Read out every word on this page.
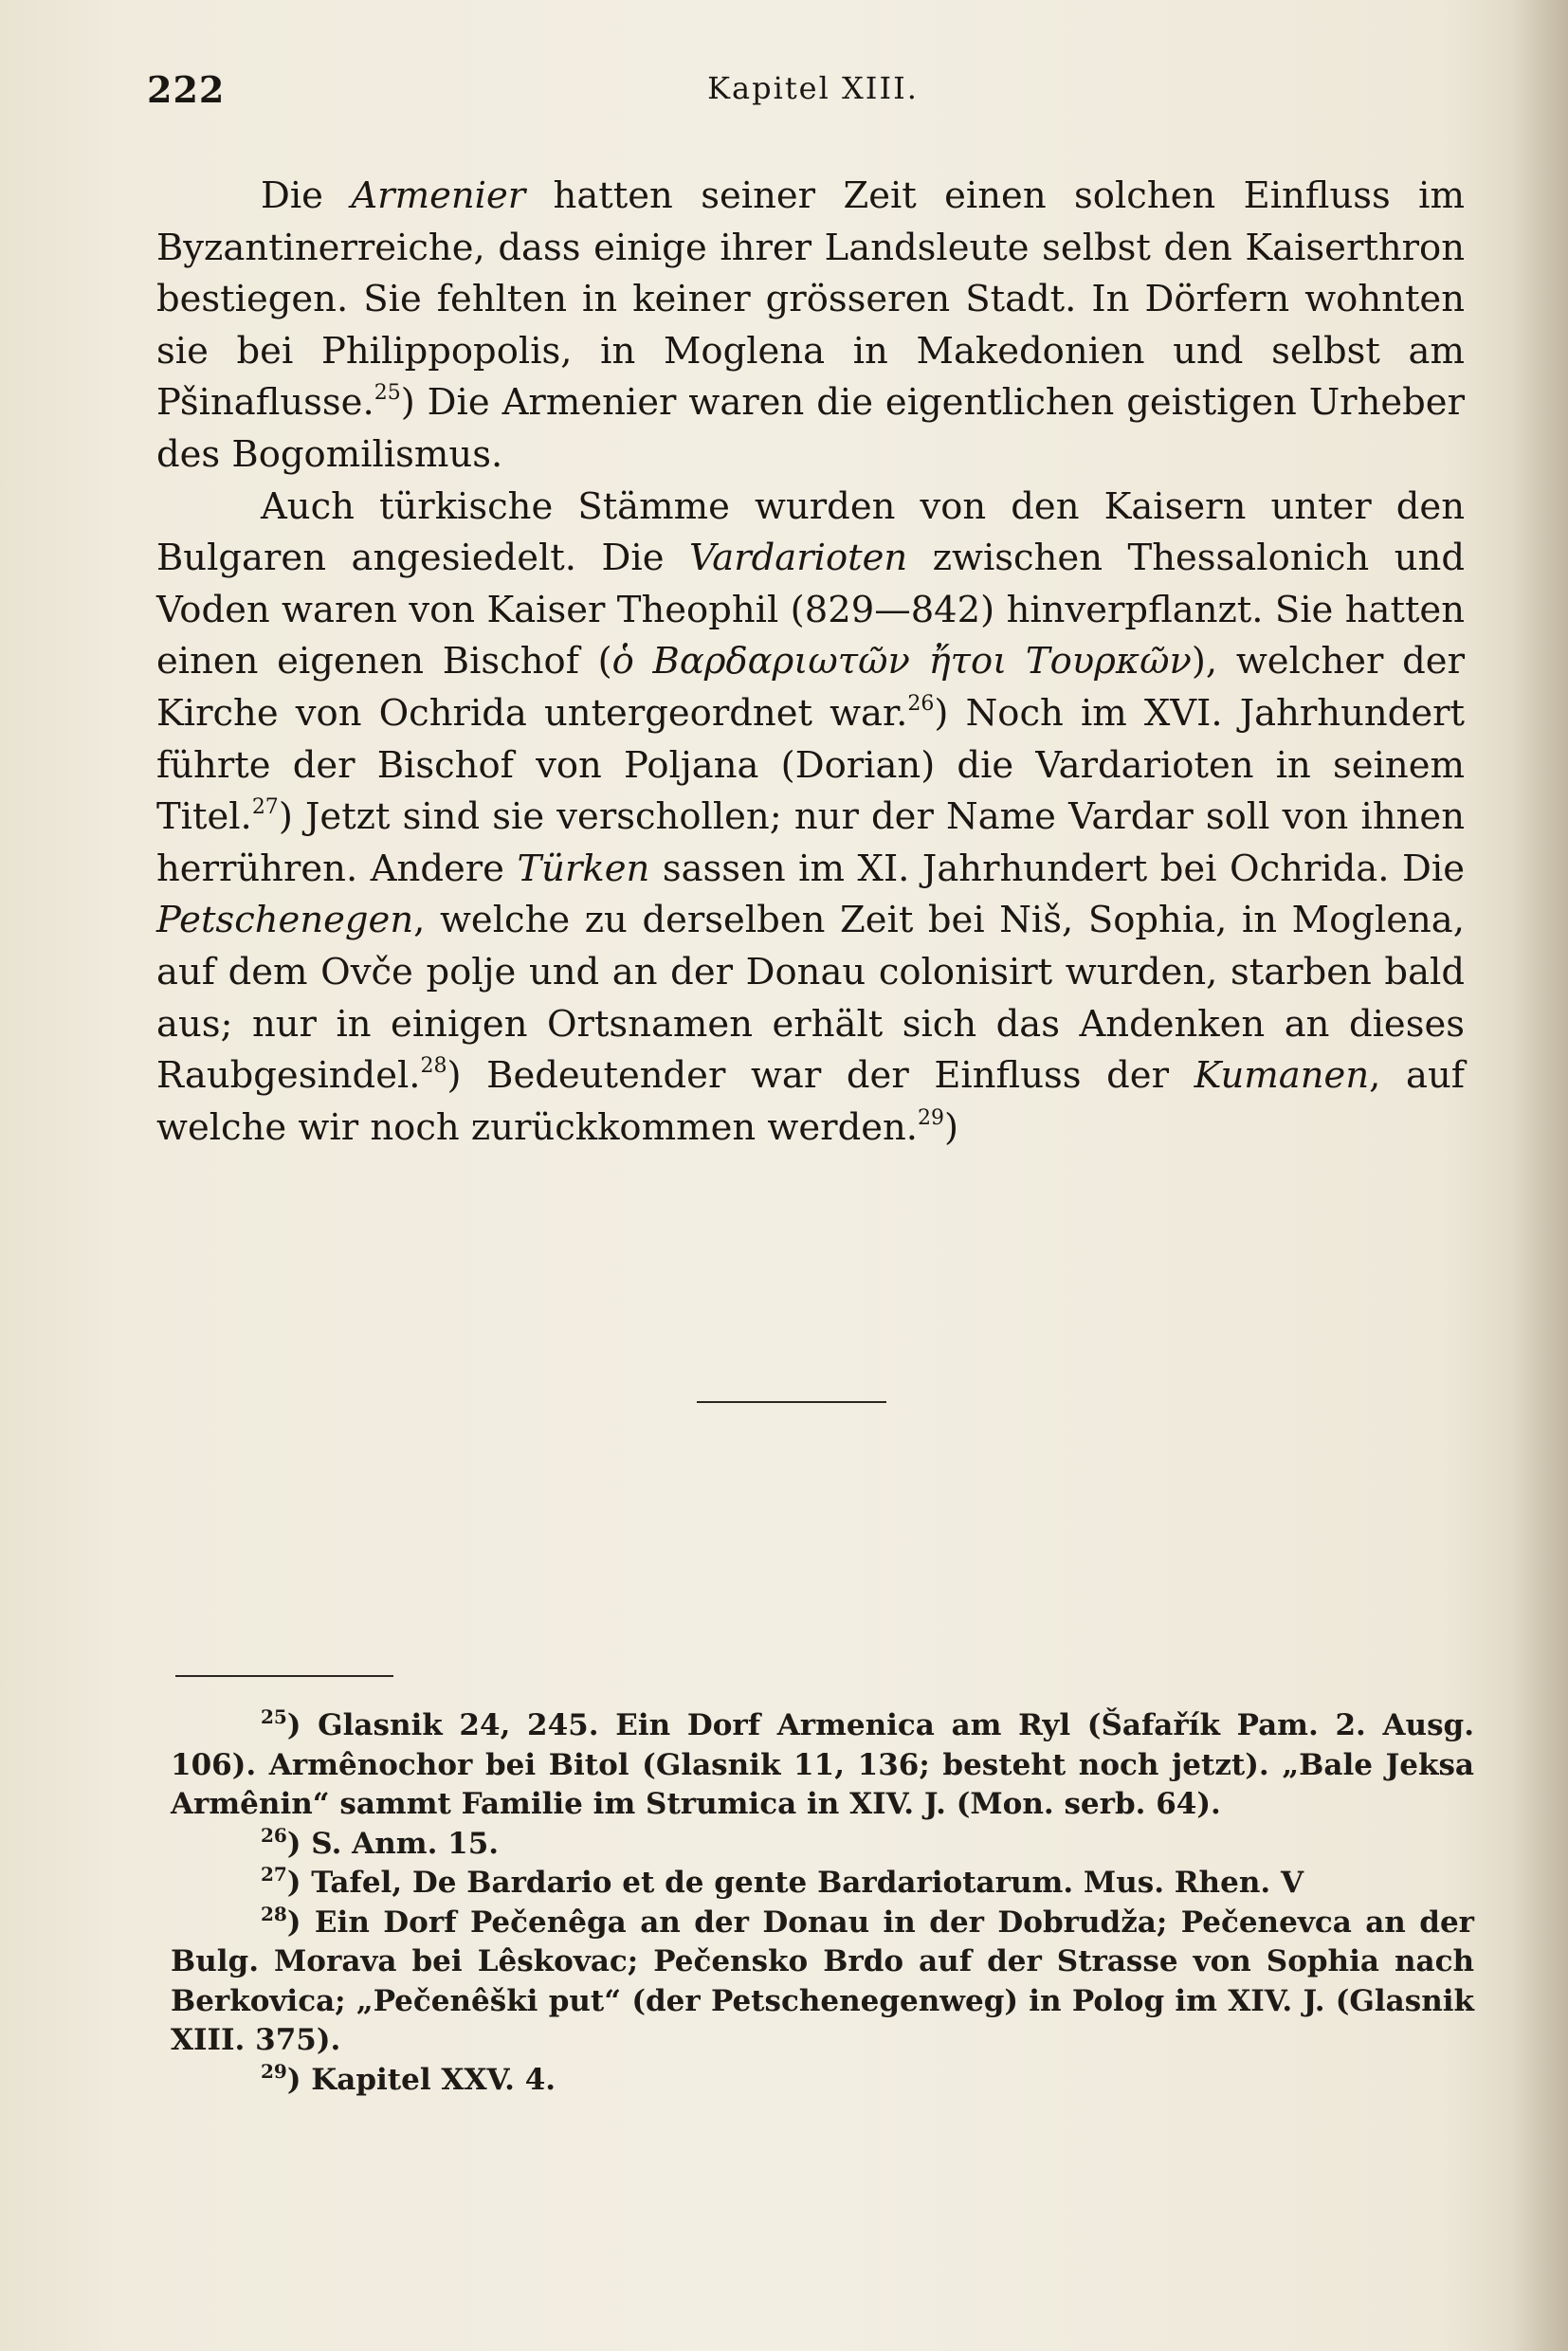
222	Kapitel XIII.

Die Armenier hatten seiner Zeit einen solchen Einfluss im Byzantinerreiche, dass einige ihrer Landsleute selbst den Kaiserthron bestiegen. Sie fehlten in keiner grösseren Stadt. In Dörfern wohnten sie bei Philippopolis, in Moglena in Makedonien und selbst am Pšinaflusse.$^{25}$) Die Armenier waren die eigentlichen geistigen Urheber des Bogomilismus.

Auch türkische Stämme wurden von den Kaisern unter den Bulgaren angesiedelt. Die Vardarioten zwischen Thessalonich und Voden waren von Kaiser Theophil (829—842) hinverpflanzt. Sie hatten einen eigenen Bischof (ὁ Βαρδαριωτῶν ἤτοι Τουρκῶν), welcher der Kirche von Ochrida untergeordnet war.$^{26}$) Noch im XVI. Jahrhundert führte der Bischof von Poljana (Dorian) die Vardarioten in seinem Titel.$^{27}$) Jetzt sind sie verschollen; nur der Name Vardar soll von ihnen herrühren. Andere Türken sassen im XI. Jahrhundert bei Ochrida. Die Petschenegen, welche zu derselben Zeit bei Niš, Sophia, in Moglena, auf dem Ovče polje und an der Donau colonisirt wurden, starben bald aus; nur in einigen Ortsnamen erhält sich das Andenken an dieses Raubgesindel.$^{28}$) Bedeutender war der Einfluss der Kumanen, auf welche wir noch zurückkommen werden.$^{29}$)

$^{25}$) Glasnik 24, 245. Ein Dorf Armenica am Ryl (Šafařík Pam. 2. Ausg. 106). Armênochor bei Bitol (Glasnik 11, 136; besteht noch jetzt). „Bale Jeksa Armênin“ sammt Familie im Strumica in XIV. J. (Mon. serb. 64).

$^{26}$) S. Anm. 15.

$^{27}$) Tafel, De Bardario et de gente Bardariotarum. Mus. Rhen. V

$^{28}$) Ein Dorf Pečenêga an der Donau in der Dobrudža; Pečenevca an der Bulg. Morava bei Lêskovac; Pečensko Brdo auf der Strasse von Sophia nach Berkovica; „Pečenêški put“ (der Petschenegenweg) in Polog im XIV. J. (Glasnik XIII. 375).

$^{29}$) Kapitel XXV. 4.
